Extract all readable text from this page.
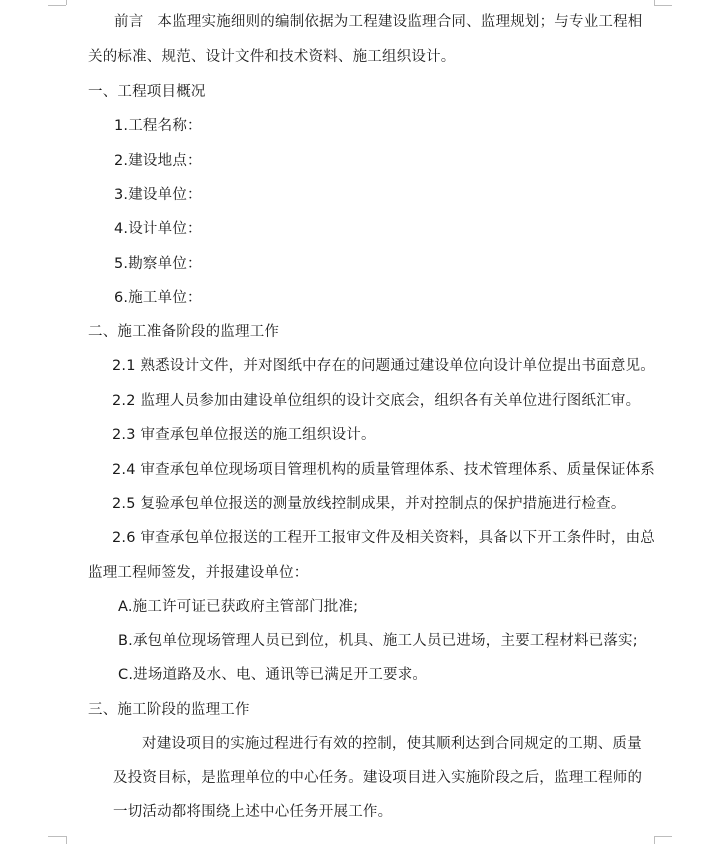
前言 本监理实施细则的编制依据为工程建设监理合同、监理规划；与专业工程相
关的标准、规范、设计文件和技术资料、施工组织设计。
一、工程项目概况
1.工程名称：
2.建设地点：
3.建设单位：
4.设计单位：
5.勘察单位：
6.施工单位：
二、施工准备阶段的监理工作
2.1 熟悉设计文件，并对图纸中存在的问题通过建设单位向设计单位提出书面意见。
2.2 监理人员参加由建设单位组织的设计交底会，组织各有关单位进行图纸汇审。
2.3 审查承包单位报送的施工组织设计。
2.4 审查承包单位现场项目管理机构的质量管理体系、技术管理体系、质量保证体系
2.5 复验承包单位报送的测量放线控制成果，并对控制点的保护措施进行检查。
2.6 审查承包单位报送的工程开工报审文件及相关资料，具备以下开工条件时，由总
监理工程师签发，并报建设单位：
A.施工许可证已获政府主管部门批准;
B.承包单位现场管理人员已到位，机具、施工人员已进场，主要工程材料已落实;
C.进场道路及水、电、通讯等已满足开工要求。
三、施工阶段的监理工作
对建设项目的实施过程进行有效的控制，使其顺利达到合同规定的工期、质量
及投资目标，是监理单位的中心任务。建设项目进入实施阶段之后，监理工程师的
一切活动都将围绕上述中心任务开展工作。
